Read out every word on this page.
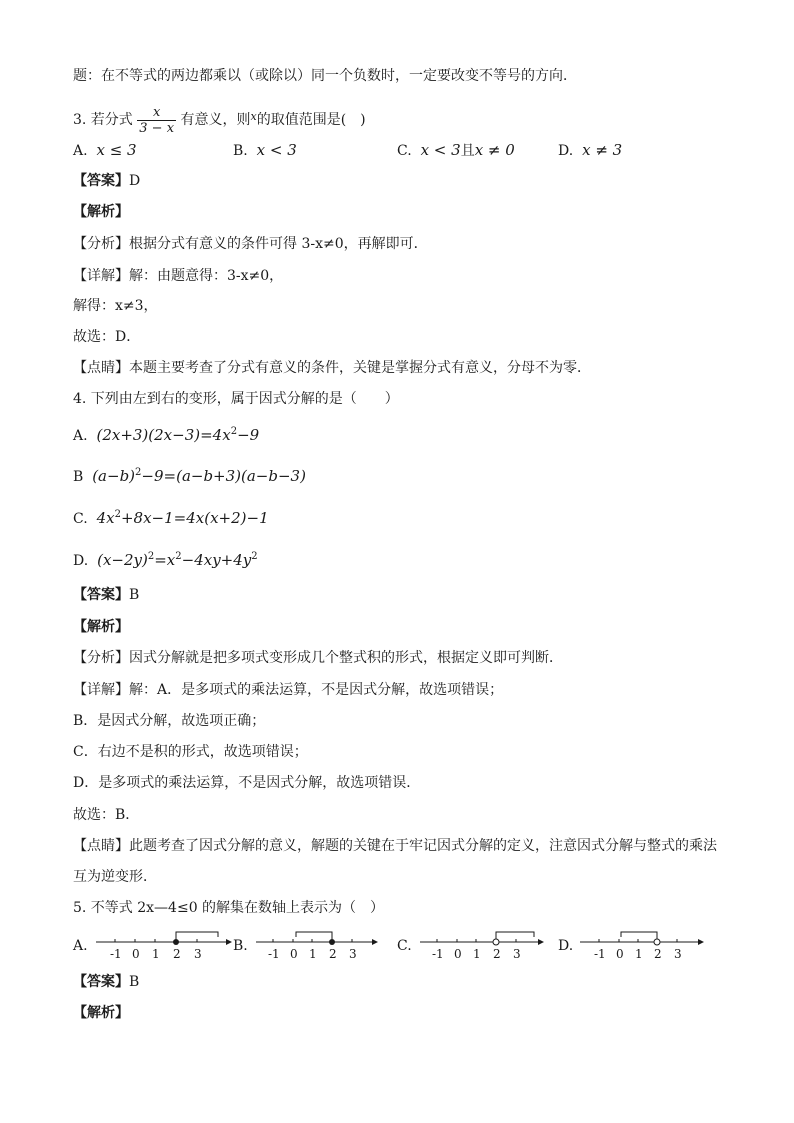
题：在不等式的两边都乘以（或除以）同一个负数时，一定要改变不等号的方向．
3. 若分式 $\frac{x}{3 - x}$ 有意义，则$^x$的取值范围是(　)
A. x ≤ 3	B. x < 3	C. x < 3且x ≠ 0	D. x ≠ 3
【答案】D
【解析】
【分析】根据分式有意义的条件可得 3-x≠0，再解即可．
【详解】解：由题意得：3-x≠0，
解得：x≠3，
故选：D．
【点睛】本题主要考查了分式有意义的条件，关键是掌握分式有意义，分母不为零．
4. 下列由左到右的变形，属于因式分解的是（　　）
A. $(2x+3)(2x-3)=4x^2-9$
B $(a-b)^2-9=(a-b+3)(a-b-3)$
C. $4x^2+8x-1=4x(x+2)-1$
D. $(x-2y)^2=x^2-4xy+4y^2$
【答案】B
【解析】
【分析】因式分解就是把多项式变形成几个整式积的形式，根据定义即可判断．
【详解】解：A．是多项式的乘法运算，不是因式分解，故选项错误；
B．是因式分解，故选项正确；
C．右边不是积的形式，故选项错误；
D．是多项式的乘法运算，不是因式分解，故选项错误．
故选：B．
【点睛】此题考查了因式分解的意义，解题的关键在于牢记因式分解的定义，注意因式分解与整式的乘法
互为逆变形．
5. 不等式 2x—4≤0 的解集在数轴上表示为（　）
A.	B.	C.	D.
-1 0 1 2 3	-1 0 1 2 3	-1 0 1 2 3	-1 0 1 2 3
【答案】B
【解析】
